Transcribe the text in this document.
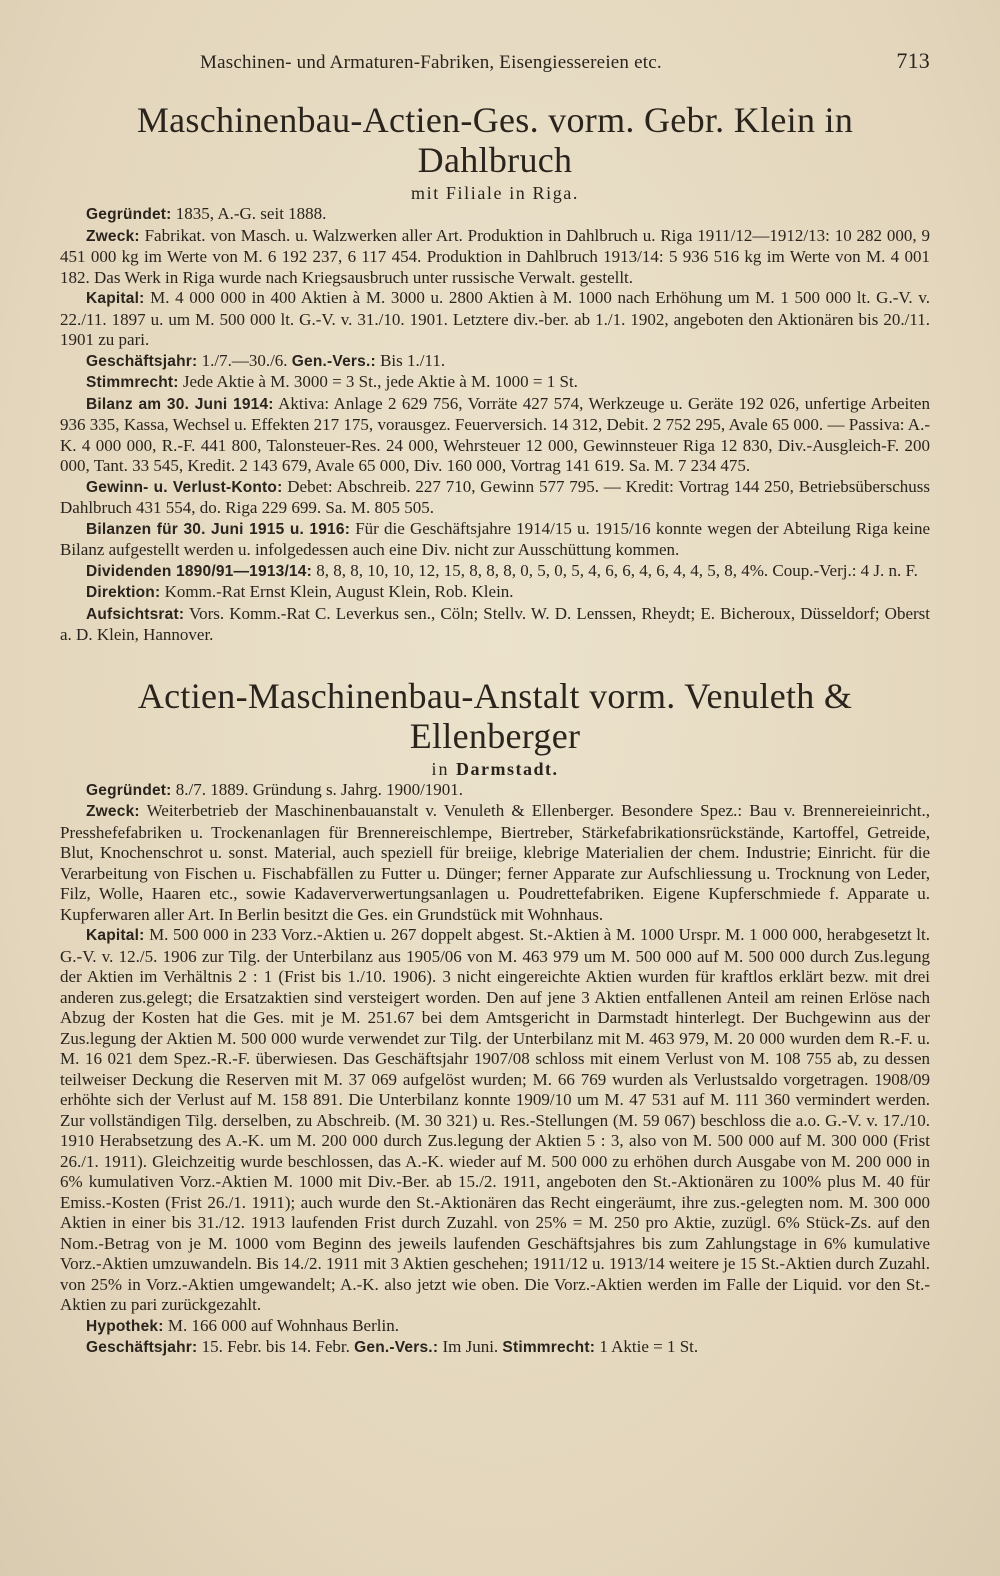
Maschinen- und Armaturen-Fabriken, Eisengiessereien etc.	713
Maschinenbau-Actien-Ges. vorm. Gebr. Klein in Dahlbruch
mit Filiale in Riga.

Gegründet: 1835, A.-G. seit 1888.

Zweck: Fabrikat. von Masch. u. Walzwerken aller Art. Produktion in Dahlbruch u. Riga 1911/12—1912/13: 10 282 000, 9 451 000 kg im Werte von M. 6 192 237, 6 117 454. Produktion in Dahlbruch 1913/14: 5 936 516 kg im Werte von M. 4 001 182. Das Werk in Riga wurde nach Kriegsausbruch unter russische Verwalt. gestellt.

Kapital: M. 4 000 000 in 400 Aktien à M. 3000 u. 2800 Aktien à M. 1000 nach Erhöhung um M. 1 500 000 lt. G.-V. v. 22./11. 1897 u. um M. 500 000 lt. G.-V. v. 31./10. 1901. Letztere div.-ber. ab 1./1. 1902, angeboten den Aktionären bis 20./11. 1901 zu pari.

Geschäftsjahr: 1./7.—30./6. Gen.-Vers.: Bis 1./11.

Stimmrecht: Jede Aktie à M. 3000 = 3 St., jede Aktie à M. 1000 = 1 St.

Bilanz am 30. Juni 1914: Aktiva: Anlage 2 629 756, Vorräte 427 574, Werkzeuge u. Geräte 192 026, unfertige Arbeiten 936 335, Kassa, Wechsel u. Effekten 217 175, vorausgez. Feuerversich. 14 312, Debit. 2 752 295, Avale 65 000. — Passiva: A.-K. 4 000 000, R.-F. 441 800, Talonsteuer-Res. 24 000, Wehrsteuer 12 000, Gewinnsteuer Riga 12 830, Div.-Ausgleich-F. 200 000, Tant. 33 545, Kredit. 2 143 679, Avale 65 000, Div. 160 000, Vortrag 141 619. Sa. M. 7 234 475.

Gewinn- u. Verlust-Konto: Debet: Abschreib. 227 710, Gewinn 577 795. — Kredit: Vortrag 144 250, Betriebsüberschuss Dahlbruch 431 554, do. Riga 229 699. Sa. M. 805 505.

Bilanzen für 30. Juni 1915 u. 1916: Für die Geschäftsjahre 1914/15 u. 1915/16 konnte wegen der Abteilung Riga keine Bilanz aufgestellt werden u. infolgedessen auch eine Div. nicht zur Ausschüttung kommen.

Dividenden 1890/91—1913/14: 8, 8, 8, 10, 10, 12, 15, 8, 8, 8, 0, 5, 0, 5, 4, 6, 6, 4, 6, 4, 4, 5, 8, 4%. Coup.-Verj.: 4 J. n. F.

Direktion: Komm.-Rat Ernst Klein, August Klein, Rob. Klein.

Aufsichtsrat: Vors. Komm.-Rat C. Leverkus sen., Cöln; Stellv. W. D. Lenssen, Rheydt; E. Bicheroux, Düsseldorf; Oberst a. D. Klein, Hannover.

Actien-Maschinenbau-Anstalt vorm. Venuleth & Ellenberger
in Darmstadt.

Gegründet: 8./7. 1889. Gründung s. Jahrg. 1900/1901.

Zweck: Weiterbetrieb der Maschinenbauanstalt v. Venuleth & Ellenberger. Besondere Spez.: Bau v. Brennereieinricht., Presshefefabriken u. Trockenanlagen für Brennereischlempe, Biertreber, Stärkefabrikationsrückstände, Kartoffel, Getreide, Blut, Knochenschrot u. sonst. Material, auch speziell für breiige, klebrige Materialien der chem. Industrie; Einricht. für die Verarbeitung von Fischen u. Fischabfällen zu Futter u. Dünger; ferner Apparate zur Aufschliessung u. Trocknung von Leder, Filz, Wolle, Haaren etc., sowie Kadaververwertungsanlagen u. Poudrettefabriken. Eigene Kupferschmiede f. Apparate u. Kupferwaren aller Art. In Berlin besitzt die Ges. ein Grundstück mit Wohnhaus.

Kapital: M. 500 000 in 233 Vorz.-Aktien u. 267 doppelt abgest. St.-Aktien à M. 1000 Urspr. M. 1 000 000, herabgesetzt lt. G.-V. v. 12./5. 1906 zur Tilg. der Unterbilanz aus 1905/06 von M. 463 979 um M. 500 000 auf M. 500 000 durch Zus.legung der Aktien im Verhältnis 2 : 1 (Frist bis 1./10. 1906). 3 nicht eingereichte Aktien wurden für kraftlos erklärt bezw. mit drei anderen zus.gelegt; die Ersatzaktien sind versteigert worden. Den auf jene 3 Aktien entfallenen Anteil am reinen Erlöse nach Abzug der Kosten hat die Ges. mit je M. 251.67 bei dem Amtsgericht in Darmstadt hinterlegt. Der Buchgewinn aus der Zus.legung der Aktien M. 500 000 wurde verwendet zur Tilg. der Unterbilanz mit M. 463 979, M. 20 000 wurden dem R.-F. u. M. 16 021 dem Spez.-R.-F. überwiesen. Das Geschäftsjahr 1907/08 schloss mit einem Verlust von M. 108 755 ab, zu dessen teilweiser Deckung die Reserven mit M. 37 069 aufgelöst wurden; M. 66 769 wurden als Verlustsaldo vorgetragen. 1908/09 erhöhte sich der Verlust auf M. 158 891. Die Unterbilanz konnte 1909/10 um M. 47 531 auf M. 111 360 vermindert werden. Zur vollständigen Tilg. derselben, zu Abschreib. (M. 30 321) u. Res.-Stellungen (M. 59 067) beschloss die a.o. G.-V. v. 17./10. 1910 Herabsetzung des A.-K. um M. 200 000 durch Zus.legung der Aktien 5 : 3, also von M. 500 000 auf M. 300 000 (Frist 26./1. 1911). Gleichzeitig wurde beschlossen, das A.-K. wieder auf M. 500 000 zu erhöhen durch Ausgabe von M. 200 000 in 6% kumulativen Vorz.-Aktien M. 1000 mit Div.-Ber. ab 15./2. 1911, angeboten den St.-Aktionären zu 100% plus M. 40 für Emiss.-Kosten (Frist 26./1. 1911); auch wurde den St.-Aktionären das Recht eingeräumt, ihre zus.-gelegten nom. M. 300 000 Aktien in einer bis 31./12. 1913 laufenden Frist durch Zuzahl. von 25% = M. 250 pro Aktie, zuzügl. 6% Stück-Zs. auf den Nom.-Betrag von je M. 1000 vom Beginn des jeweils laufenden Geschäftsjahres bis zum Zahlungstage in 6% kumulative Vorz.-Aktien umzuwandeln. Bis 14./2. 1911 mit 3 Aktien geschehen; 1911/12 u. 1913/14 weitere je 15 St.-Aktien durch Zuzahl. von 25% in Vorz.-Aktien umgewandelt; A.-K. also jetzt wie oben. Die Vorz.-Aktien werden im Falle der Liquid. vor den St.-Aktien zu pari zurückgezahlt.

Hypothek: M. 166 000 auf Wohnhaus Berlin.

Geschäftsjahr: 15. Febr. bis 14. Febr. Gen.-Vers.: Im Juni. Stimmrecht: 1 Aktie = 1 St.
